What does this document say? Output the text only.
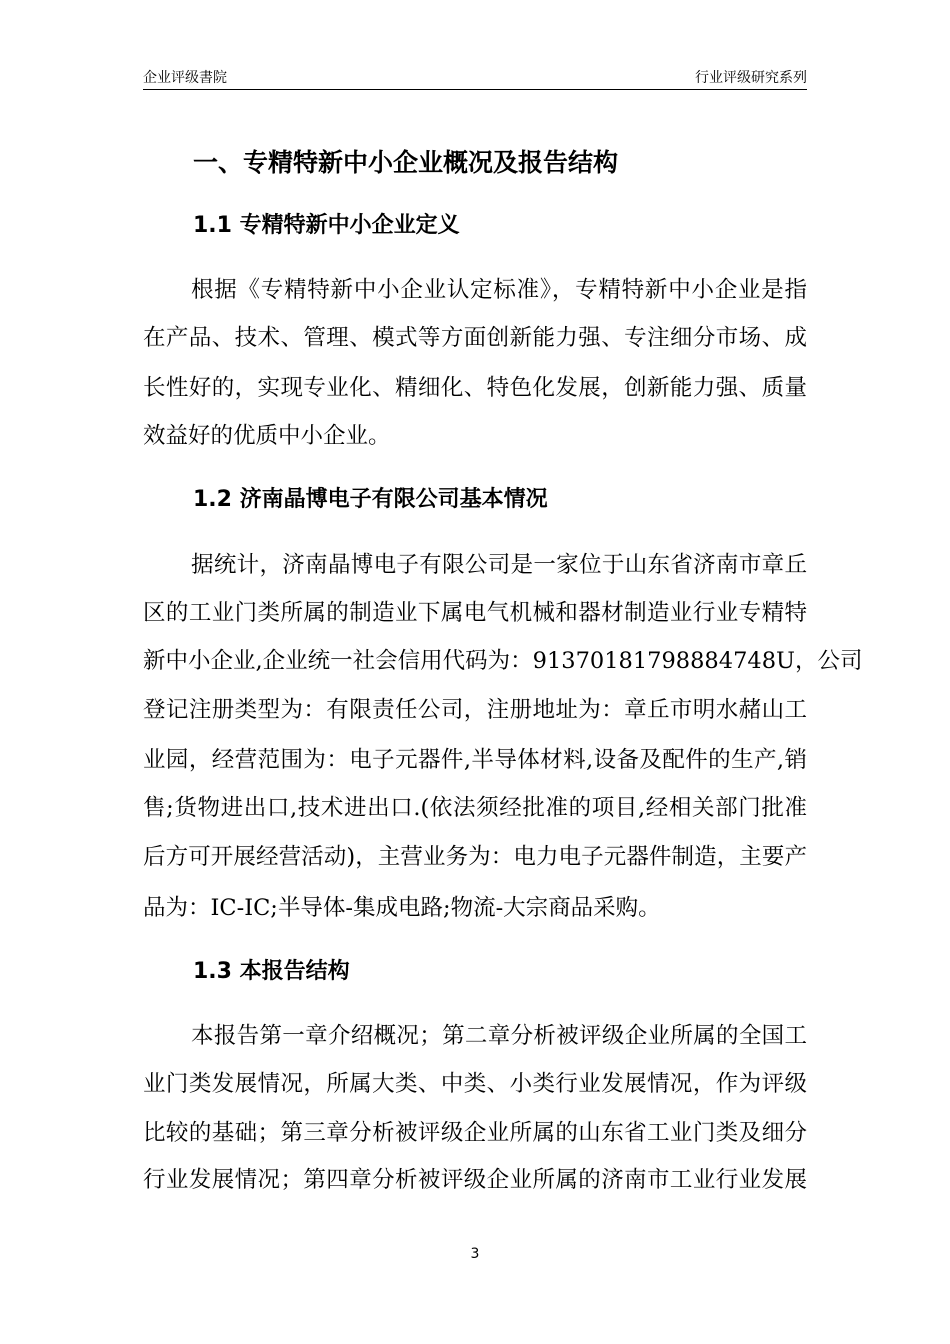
企业评级書院	行业评级研究系列
一、专精特新中小企业概况及报告结构
1.1 专精特新中小企业定义
根据《专精特新中小企业认定标准》，专精特新中小企业是指
在产品、技术、管理、模式等方面创新能力强、专注细分市场、成
长性好的，实现专业化、精细化、特色化发展，创新能力强、质量
效益好的优质中小企业。
1.2 济南晶博电子有限公司基本情况
据统计，济南晶博电子有限公司是一家位于山东省济南市章丘
区的工业门类所属的制造业下属电气机械和器材制造业行业专精特
新中小企业,企业统一社会信用代码为：91370181798884748U，公司
登记注册类型为：有限责任公司，注册地址为：章丘市明水赭山工
业园，经营范围为：电子元器件,半导体材料,设备及配件的生产,销
售;货物进出口,技术进出口.(依法须经批准的项目,经相关部门批准
后方可开展经营活动)，主营业务为：电力电子元器件制造，主要产
品为：IC-IC;半导体-集成电路;物流-大宗商品采购。
1.3 本报告结构
本报告第一章介绍概况；第二章分析被评级企业所属的全国工
业门类发展情况，所属大类、中类、小类行业发展情况，作为评级
比较的基础；第三章分析被评级企业所属的山东省工业门类及细分
行业发展情况；第四章分析被评级企业所属的济南市工业行业发展
3
